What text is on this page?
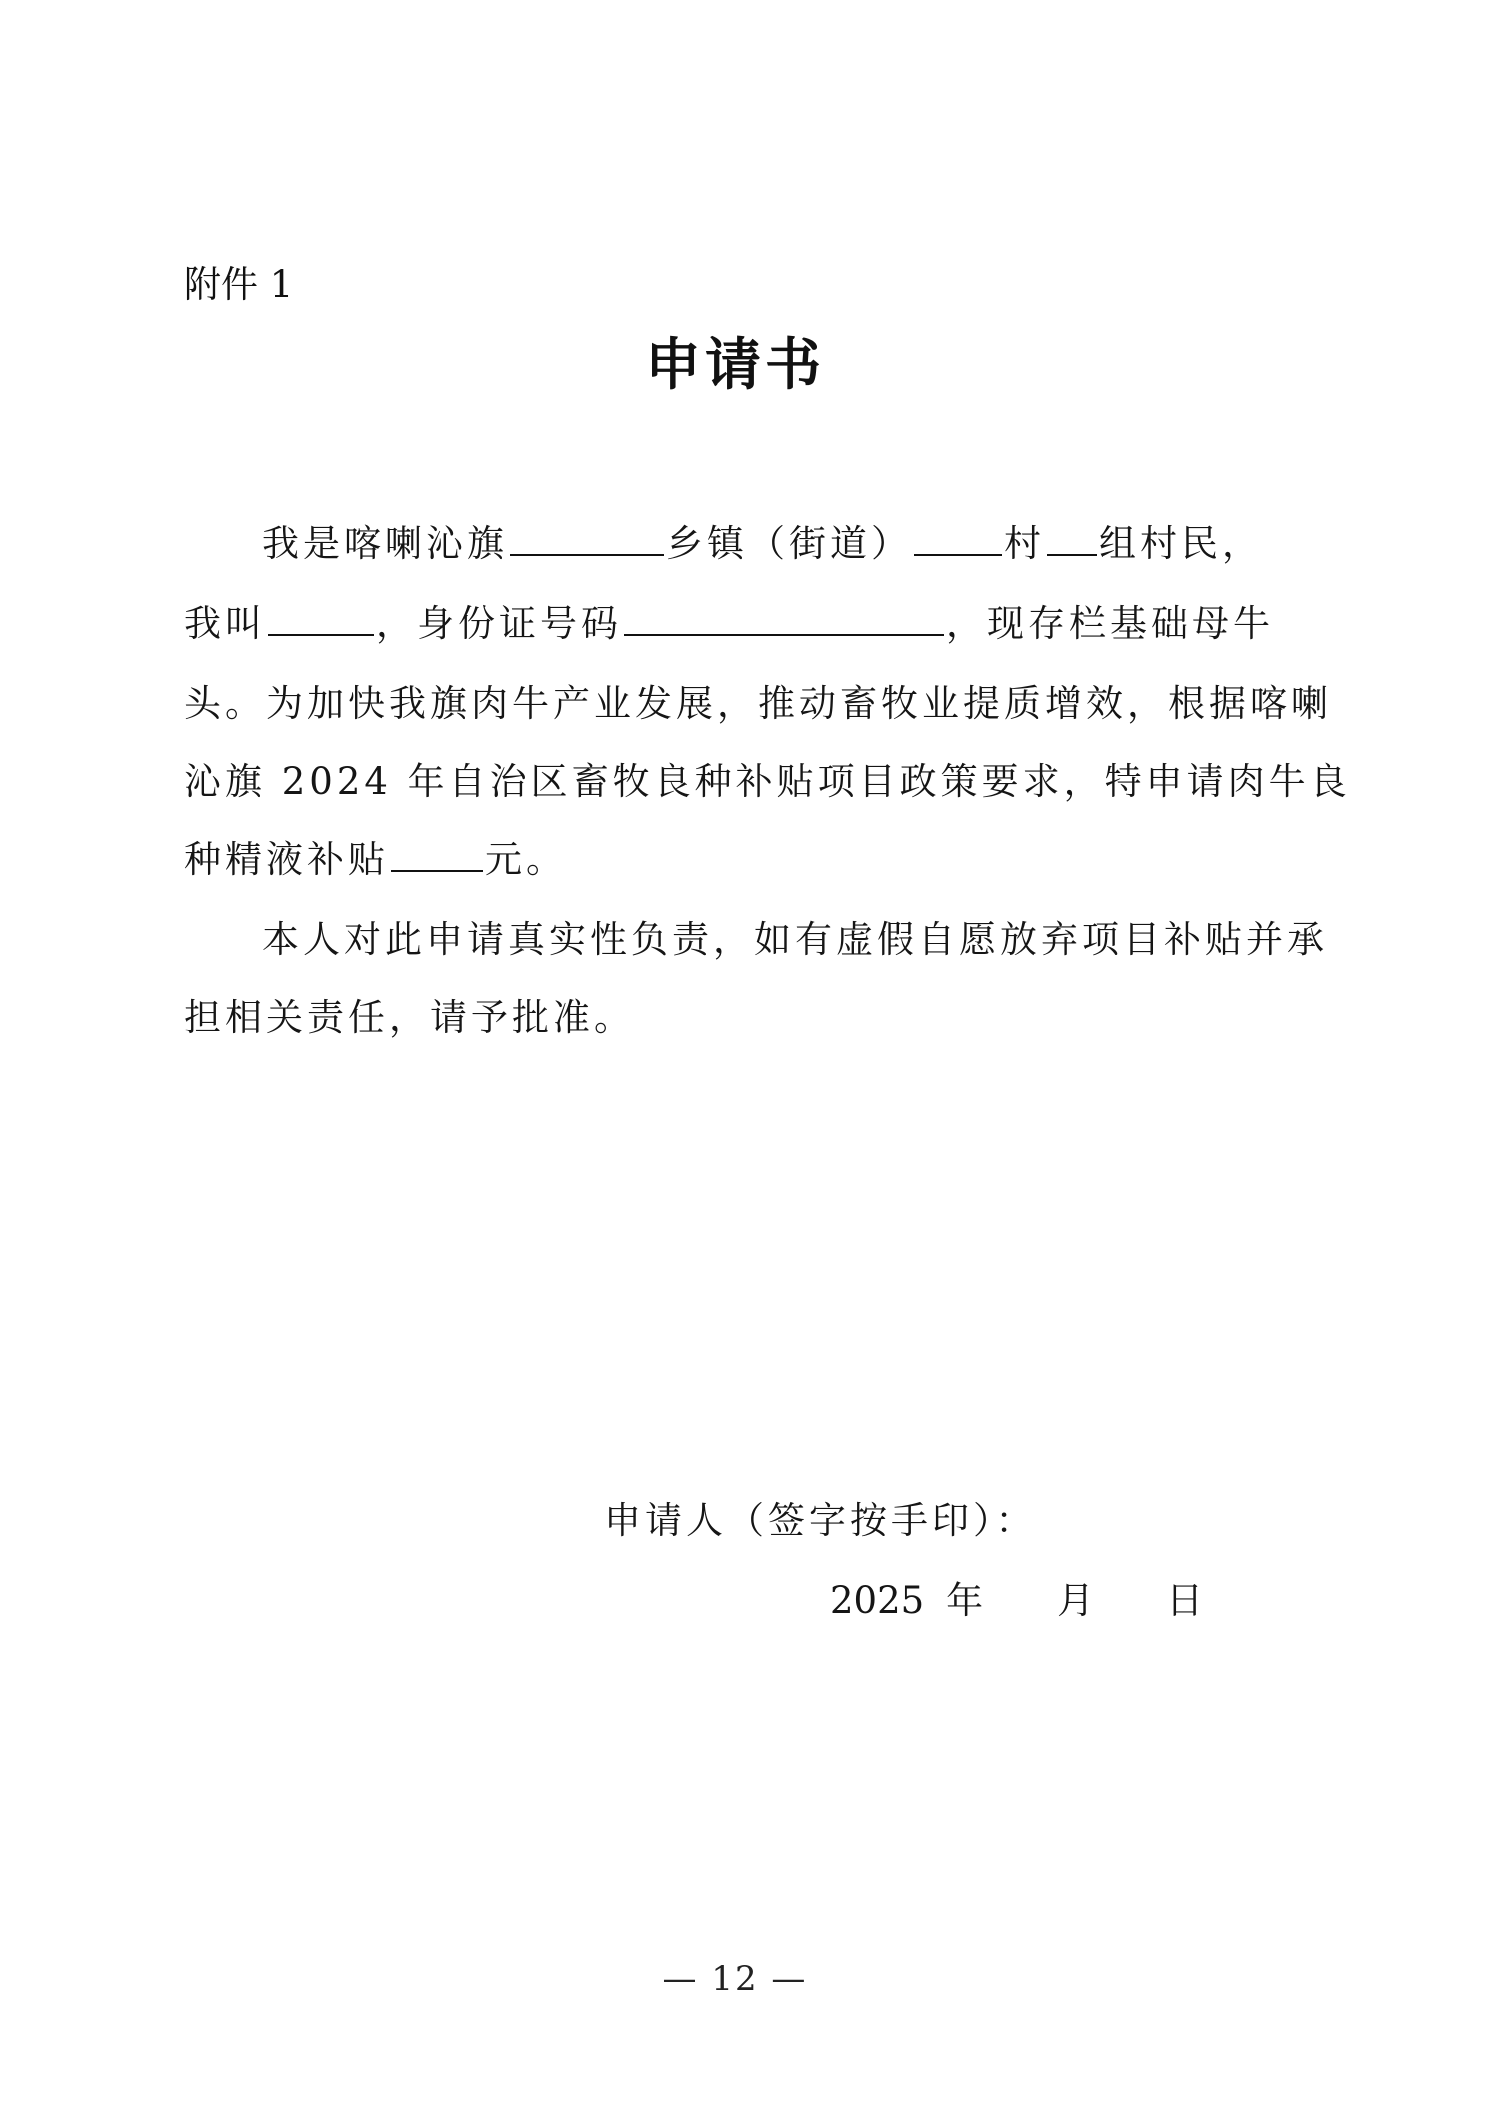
附件 1
申请书
我是喀喇沁旗	乡镇（街道） 村 组村民，
我叫	，身份证号码	，现存栏基础母牛
头。为加快我旗肉牛产业发展，推动畜牧业提质增效，根据喀喇
沁旗 2024 年自治区畜牧良种补贴项目政策要求，特申请肉牛良
种精液补贴	元。
本人对此申请真实性负责，如有虚假自愿放弃项目补贴并承
担相关责任，请予批准。
申请人（签字按手印）：
2025 年 月 日
— 12 —
